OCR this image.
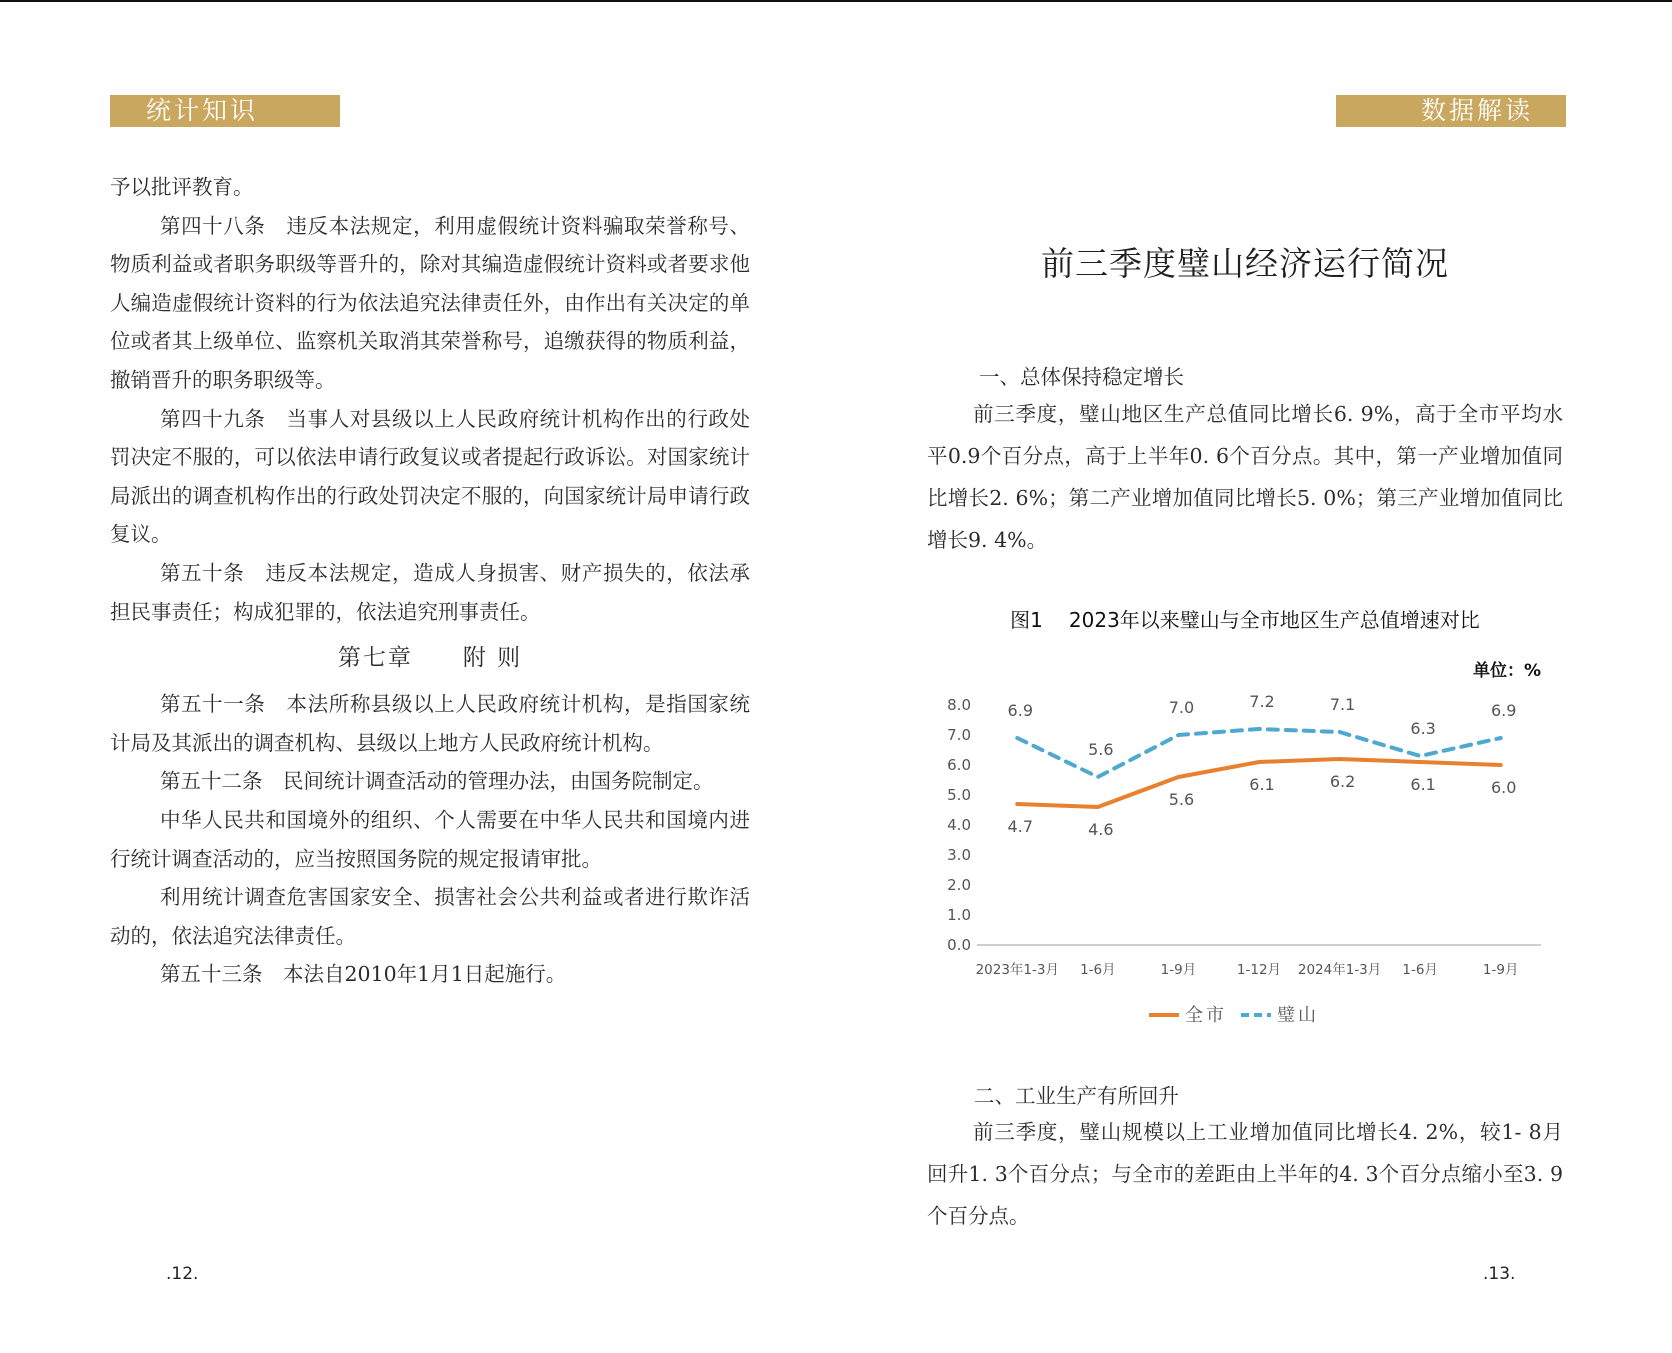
统计知识

予以批评教育。

第四十八条　违反本法规定，利用虚假统计资料骗取荣誉称号、物质利益或者职务职级等晋升的，除对其编造虚假统计资料或者要求他人编造虚假统计资料的行为依法追究法律责任外，由作出有关决定的单位或者其上级单位、监察机关取消其荣誉称号，追缴获得的物质利益，撤销晋升的职务职级等。

第四十九条　当事人对县级以上人民政府统计机构作出的行政处罚决定不服的，可以依法申请行政复议或者提起行政诉讼。对国家统计局派出的调查机构作出的行政处罚决定不服的，向国家统计局申请行政复议。

第五十条　违反本法规定，造成人身损害、财产损失的，依法承担民事责任；构成犯罪的，依法追究刑事责任。

第七章　　附 则

第五十一条　本法所称县级以上人民政府统计机构，是指国家统计局及其派出的调查机构、县级以上地方人民政府统计机构。

第五十二条　民间统计调查活动的管理办法，由国务院制定。

中华人民共和国境外的组织、个人需要在中华人民共和国境内进行统计调查活动的，应当按照国务院的规定报请审批。

利用统计调查危害国家安全、损害社会公共利益或者进行欺诈活动的，依法追究法律责任。

第五十三条　本法自2010年1月1日起施行。

.12.
数据解读
前三季度璧山经济运行简况
一、总体保持稳定增长

前三季度，璧山地区生产总值同比增长6. 9%，高于全市平均水平0.9个百分点，高于上半年0. 6个百分点。其中，第一产业增加值同比增长2. 6%；第二产业增加值同比增长5. 0%；第三产业增加值同比增长9. 4%。

图1 2023年以来璧山与全市地区生产总值增速对比
单位：%
0.0
1.0
2.0
3.0
4.0
5.0
6.0
7.0
8.0
2023年1-3月 1-6月	1-9月	1-12月 2024年1-3月 1-6月	1-9月
4.7	4.6
5.6
6.1	6.2	6.1	6.0
6.9
5.6
7.0	7.2	7.1
6.3
6.9
全市	璧山
二、工业生产有所回升

前三季度，璧山规模以上工业增加值同比增长4. 2%，较1- 8月回升1. 3个百分点；与全市的差距由上半年的4. 3个百分点缩小至3. 9个百分点。

.13.
